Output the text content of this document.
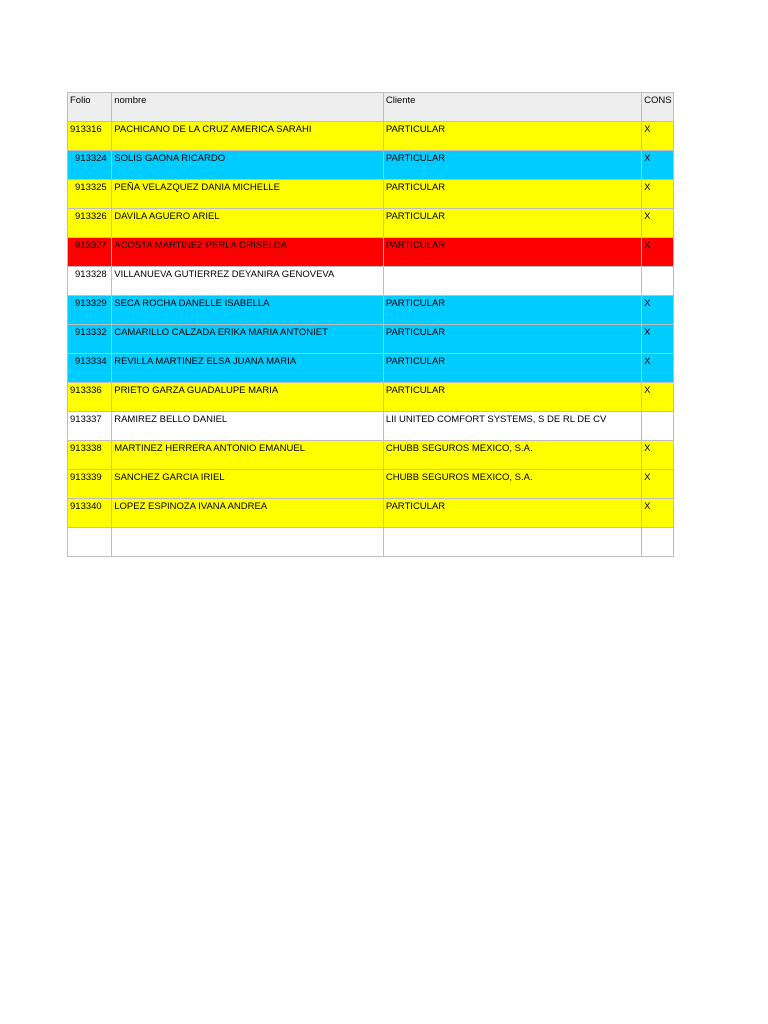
Folio	nombre	Cliente	CONS
913316	PACHICANO DE LA CRUZ AMERICA SARAHI	PARTICULAR	X
913324	SOLIS GAONA RICARDO	PARTICULAR	X
913325	PEÑA VELAZQUEZ DANIA MICHELLE	PARTICULAR	X
913326	DAVILA AGUERO ARIEL	PARTICULAR	X
913327	ACOSTA MARTINEZ PERLA GRISELDA	PARTICULAR	X
913328	VILLANUEVA GUTIERREZ DEYANIRA GENOVEVA		
913329	SECA ROCHA DANELLE ISABELLA	PARTICULAR	X
913332	CAMARILLO CALZADA ERIKA MARIA ANTONIET	PARTICULAR	X
913334	REVILLA MARTINEZ ELSA JUANA MARIA	PARTICULAR	X
913336	PRIETO GARZA GUADALUPE MARIA	PARTICULAR	X
913337	RAMIREZ BELLO DANIEL	LII UNITED COMFORT SYSTEMS, S DE RL DE CV	
913338	MARTINEZ HERRERA ANTONIO EMANUEL	CHUBB SEGUROS MEXICO, S.A.	X
913339	SANCHEZ GARCIA IRIEL	CHUBB SEGUROS MEXICO, S.A.	X
913340	LOPEZ ESPINOZA IVANA ANDREA	PARTICULAR	X
